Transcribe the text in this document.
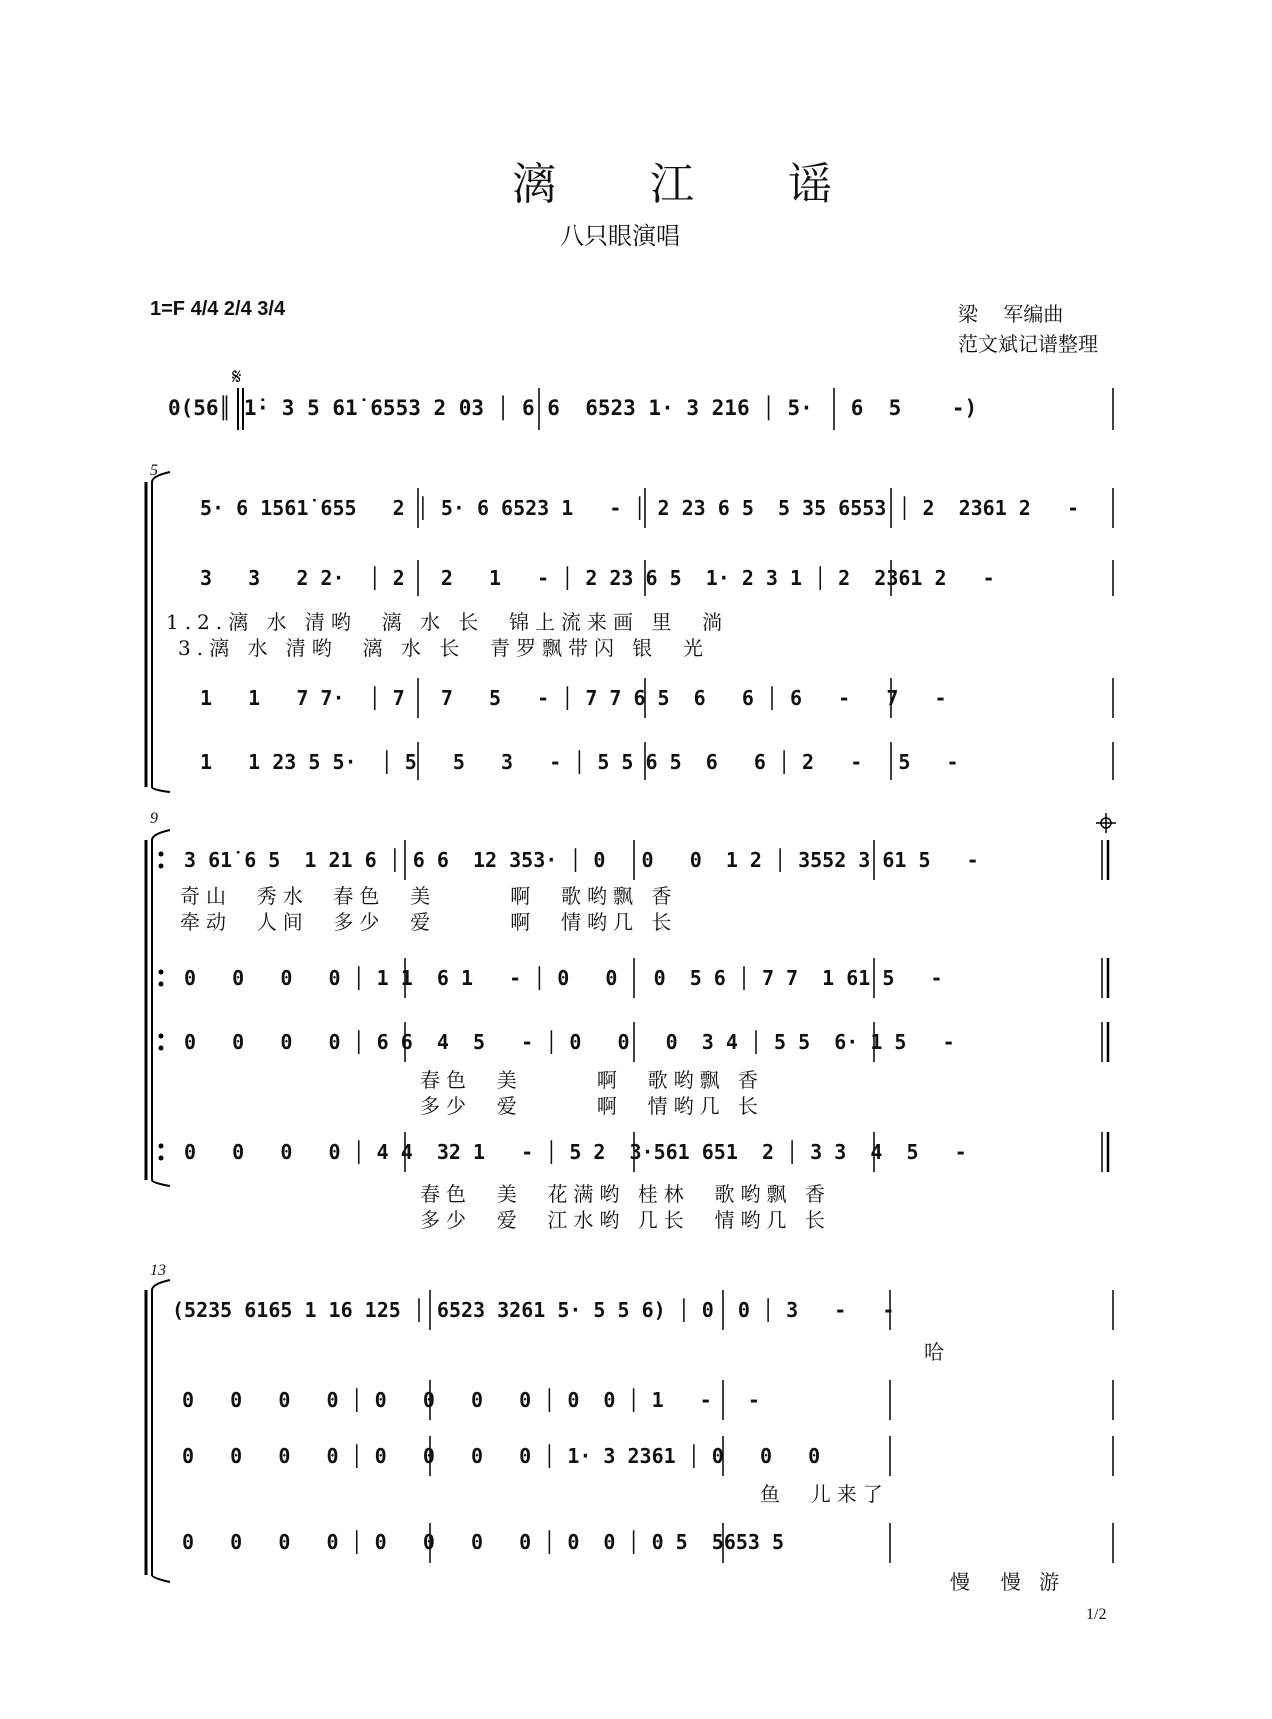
𝄋
漓 江 谣
八只眼演唱
1=F 4/4 2/4 3/4	梁    军编曲
范文斌记谱整理
0(56║ 1̇· 3 5 61̇ 6553 2 03 │ 6 6  6523 1· 3 216 │ 5·   6  5    -)
5
5· 6 1561̇ 655   2 │ 5· 6 6523 1   - │ 2 23 6 5  5 35 6553 │ 2  2361 2   -
3   3   2 2·  │ 2   2   1   - │ 2 23 6 5  1· 2 3 1 │ 2  2361 2   -
1.2.漓 水 清哟  漓 水 长  锦上流来画 里  淌
3.漓 水 清哟  漓 水 长  青罗飘带闪 银  光
1   1   7 7·  │ 7   7   5   - │ 7 7 6 5  6   6 │ 6   -   7   -
1   1 23 5 5·  │ 5   5   3   - │ 5 5 6 5  6   6 │ 2   -   5   -
9
3 61̇ 6 5  1 21 6 │ 6 6  12 353· │ 0   0   0  1 2 │ 3552 3 61 5   -
奇山  秀水  春色  美      啊  歌哟飘 香
牵动  人间  多少  爱      啊  情哟几 长
0   0   0   0 │ 1 1  6 1   - │ 0   0   0  5 6 │ 7 7  1 61 5   -
0   0   0   0 │ 6 6  4  5   - │ 0   0   0  3 4 │ 5 5  6· 1 5   -
春色  美      啊  歌哟飘 香
多少  爱      啊  情哟几 长
0   0   0   0 │ 4 4  32 1   - │ 5 2  3·561 651  2 │ 3 3  4  5   -
春色  美  花满哟 桂林  歌哟飘 香
多少  爱  江水哟 几长  情哟几 长
13
(5235 6165 1 16 125 │ 6523 3261 5· 5 5 6) │ 0  0 │ 3   -   -
哈
0   0   0   0 │ 0   0   0   0 │ 0  0 │ 1   -   -
0   0   0   0 │ 0   0   0   0 │ 1· 3 2361 │ 0   0   0
鱼  儿来了
0   0   0   0 │ 0   0   0   0 │ 0  0 │ 0 5  5653 5
慢  慢 游
1/2
